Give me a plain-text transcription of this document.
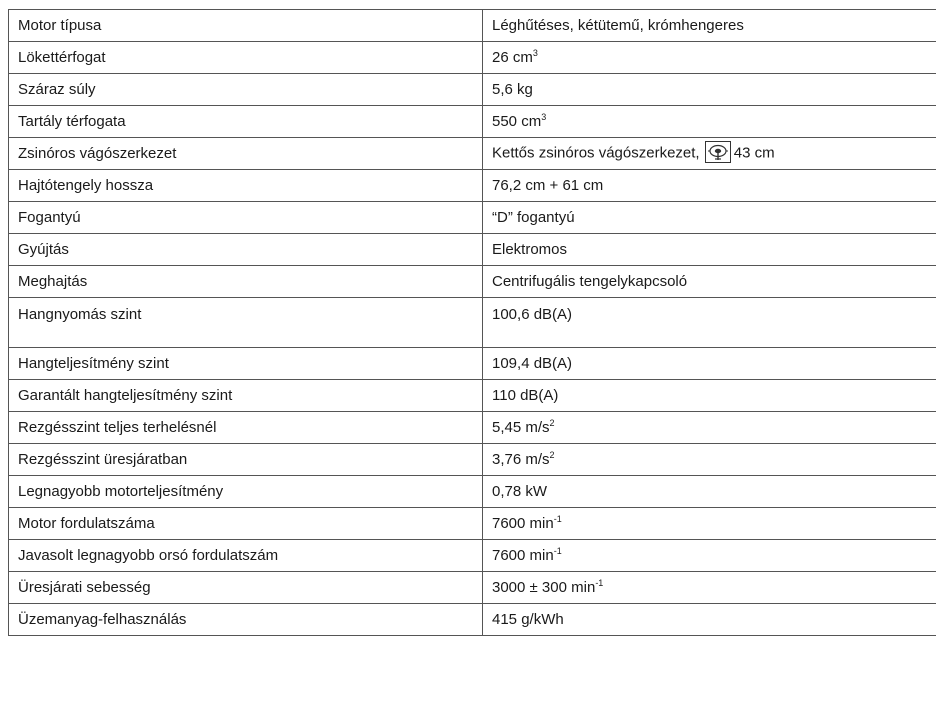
Motor típusa	Léghűtéses, kétütemű, krómhengeres
Lökettérfogat	26 $cm^3$
Száraz súly	5,6 kg
Tartály térfogata	550 $cm^3$
Zsinóros vágószerkezet	Kettős zsinóros vágószerkezet, 43 cm
Hajtótengely hossza	76,2 cm + 61 cm
Fogantyú	“D” fogantyú
Gyújtás	Elektromos
Meghajtás	Centrifugális tengelykapcsoló
Hangnyomás szint	100,6 dB(A)
Hangteljesítmény szint	109,4 dB(A)
Garantált hangteljesítmény szint	110 dB(A)
Rezgésszint teljes terhelésnél	5,45 $m/s^2$
Rezgésszint üresjáratban	3,76 $m/s^2$
Legnagyobb motorteljesítmény	0,78 kW
Motor fordulatszáma	7600 $\min^{-1}$
Javasolt legnagyobb orsó fordulatszám	7600 $\min^{-1}$
Üresjárati sebesség	3000 ± 300 $\min^{-1}$
Üzemanyag-felhasználás	415 g/kWh
